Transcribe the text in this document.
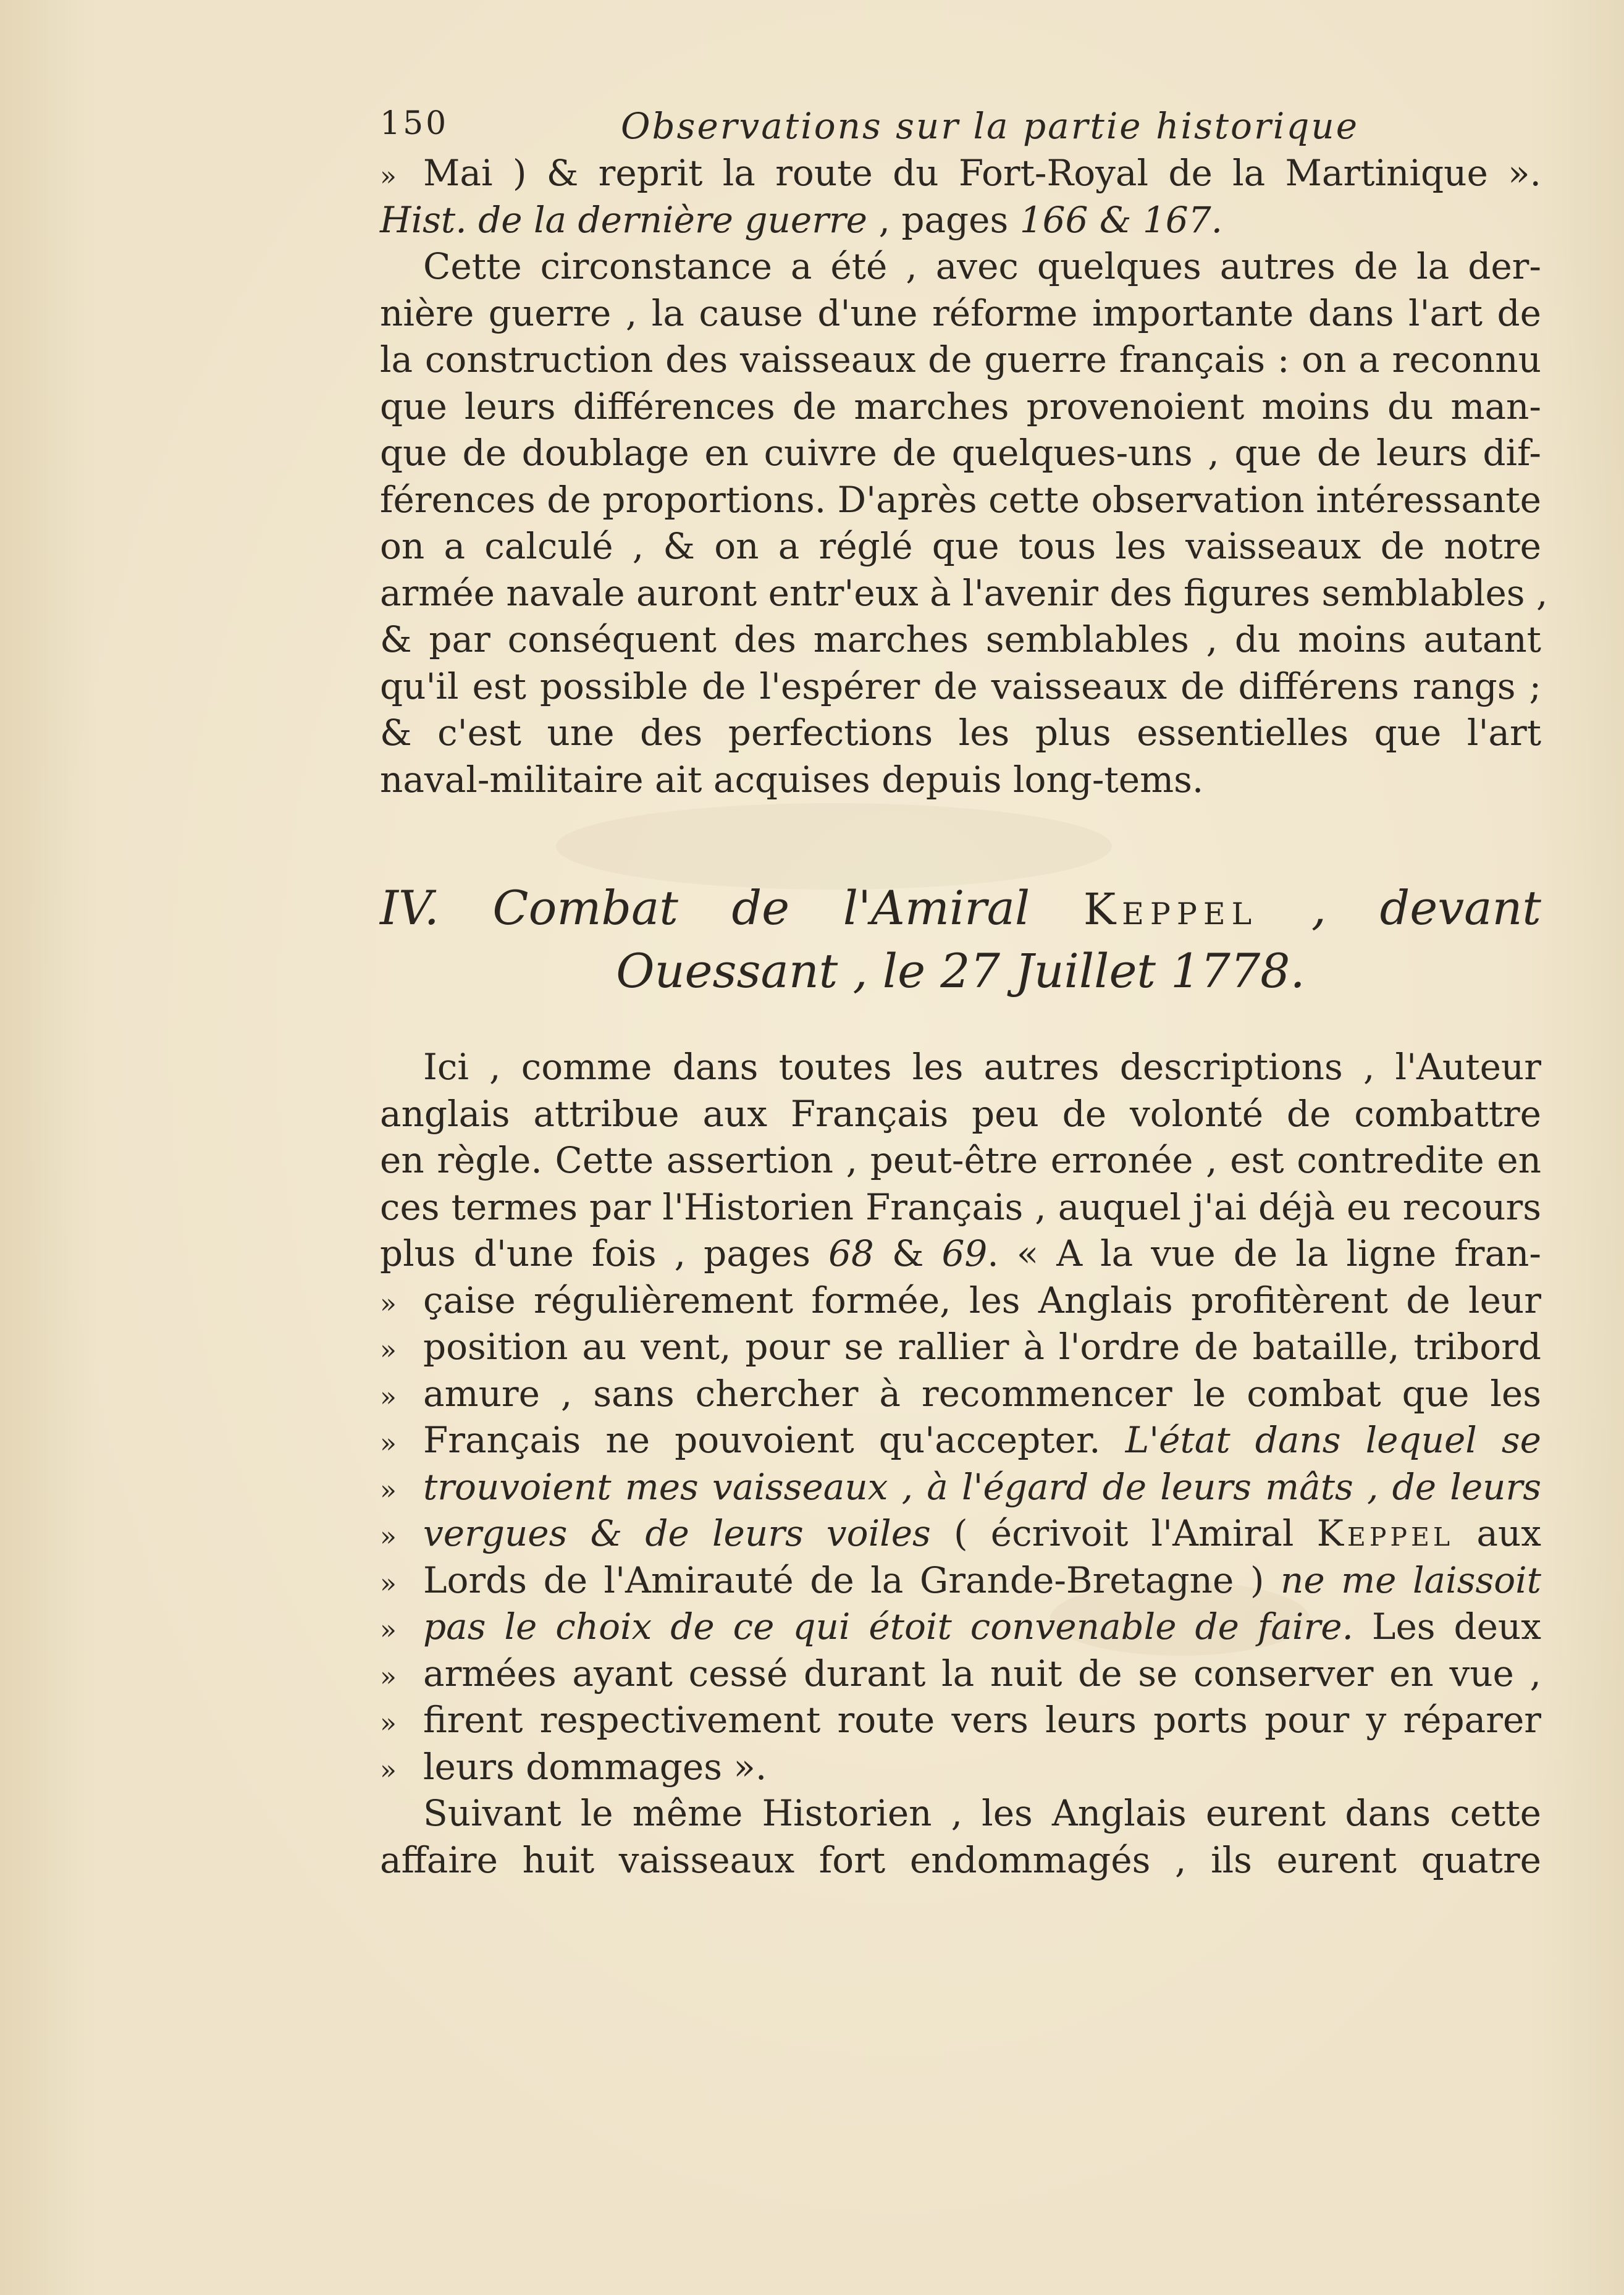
150	Observations sur la partie historique
» Mai ) & reprit la route du Fort-Royal de la Martinique ».
Hist. de la dernière guerre , pages 166 & 167.
Cette circonstance a été , avec quelques autres de la der-
nière guerre , la cause d'une réforme importante dans l'art de
la construction des vaisseaux de guerre français : on a reconnu
que leurs différences de marches provenoient moins du man-
que de doublage en cuivre de quelques-uns , que de leurs dif-
férences de proportions. D'après cette observation intéressante
on a calculé , & on a réglé que tous les vaisseaux de notre
armée navale auront entr'eux à l'avenir des figures semblables ,
& par conséquent des marches semblables , du moins autant
qu'il est possible de l'espérer de vaisseaux de différens rangs ;
& c'est une des perfections les plus essentielles que l'art
naval-militaire ait acquises depuis long-tems.
IV. Combat de l'Amiral Keppel , devant
Ouessant , le 27 Juillet 1778.
Ici , comme dans toutes les autres descriptions , l'Auteur
anglais attribue aux Français peu de volonté de combattre
en règle. Cette assertion , peut-être erronée , est contredite en
ces termes par l'Historien Français , auquel j'ai déjà eu recours
plus d'une fois , pages 68 & 69. « A la vue de la ligne fran-
» çaise régulièrement formée, les Anglais profitèrent de leur
» position au vent, pour se rallier à l'ordre de bataille, tribord
» amure , sans chercher à recommencer le combat que les
» Français ne pouvoient qu'accepter. L'état dans lequel se
» trouvoient mes vaisseaux , à l'égard de leurs mâts , de leurs
» vergues & de leurs voiles ( écrivoit l'Amiral Keppel aux
» Lords de l'Amirauté de la Grande-Bretagne ) ne me laissoit
» pas le choix de ce qui étoit convenable de faire. Les deux
» armées ayant cessé durant la nuit de se conserver en vue ,
» firent respectivement route vers leurs ports pour y réparer
» leurs dommages ».
Suivant le même Historien , les Anglais eurent dans cette
affaire huit vaisseaux fort endommagés , ils eurent quatre
